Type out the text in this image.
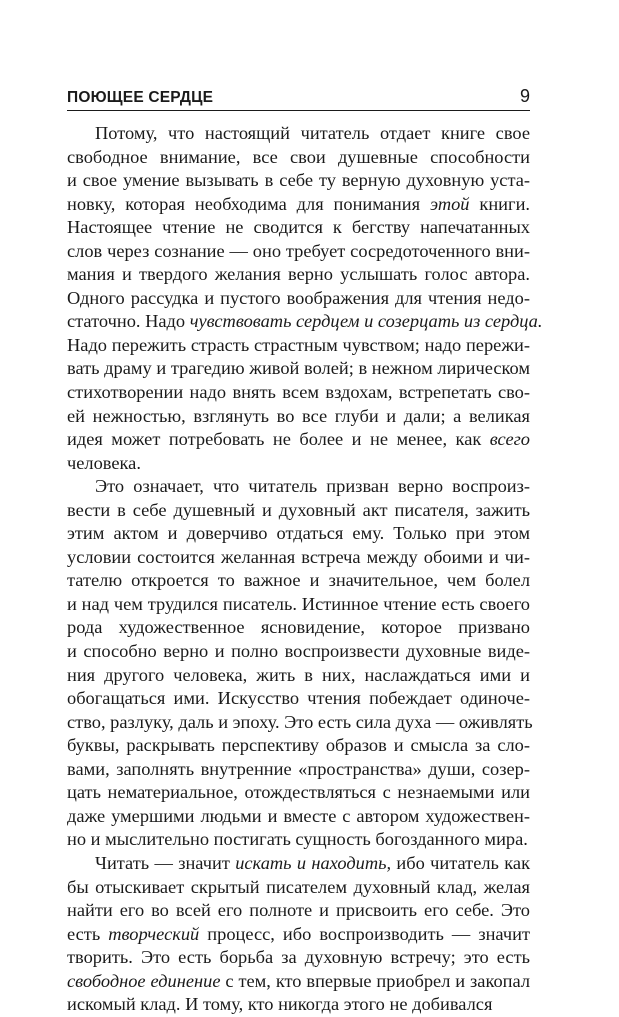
ПОЮЩЕЕ СЕРДЦЕ	9
Потому, что настоящий читатель отдает книге свое
свободное внимание, все свои душевные способности
и свое умение вызывать в себе ту верную духовную уста-
новку, которая необходима для понимания этой книги.
Настоящее чтение не сводится к бегству напечатанных
слов через сознание — оно требует сосредоточенного вни-
мания и твердого желания верно услышать голос автора.
Одного рассудка и пустого воображения для чтения недо-
статочно. Надо чувствовать сердцем и созерцать из сердца.
Надо пережить страсть страстным чувством; надо пережи-
вать драму и трагедию живой волей; в нежном лирическом
стихотворении надо внять всем вздохам, встрепетать сво-
ей нежностью, взглянуть во все глуби и дали; а великая
идея может потребовать не более и не менее, как всего
человека.
Это означает, что читатель призван верно воспроиз-
вести в себе душевный и духовный акт писателя, зажить
этим актом и доверчиво отдаться ему. Только при этом
условии состоится желанная встреча между обоими и чи-
тателю откроется то важное и значительное, чем болел
и над чем трудился писатель. Истинное чтение есть своего
рода художественное ясновидение, которое призвано
и способно верно и полно воспроизвести духовные виде-
ния другого человека, жить в них, наслаждаться ими и
обогащаться ими. Искусство чтения побеждает одиноче-
ство, разлуку, даль и эпоху. Это есть сила духа — оживлять
буквы, раскрывать перспективу образов и смысла за сло-
вами, заполнять внутренние «пространства» души, созер-
цать нематериальное, отождествляться с незнаемыми или
даже умершими людьми и вместе с автором художествен-
но и мыслительно постигать сущность богозданного мира.
Читать — значит искать и находить, ибо читатель как
бы отыскивает скрытый писателем духовный клад, желая
найти его во всей его полноте и присвоить его себе. Это
есть творческий процесс, ибо воспроизводить — значит
творить. Это есть борьба за духовную встречу; это есть
свободное единение с тем, кто впервые приобрел и закопал
искомый клад. И тому, кто никогда этого не добивался
